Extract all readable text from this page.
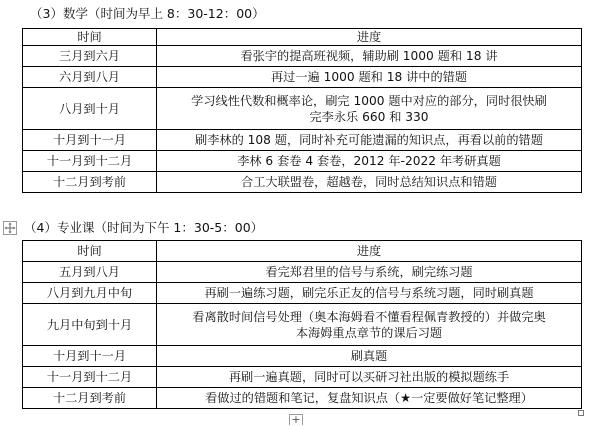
（3）数学（时间为早上 8：30-12：00）
时间	进度
三月到六月	看张宇的提高班视频，辅助刷 1000 题和 18 讲
六月到八月	再过一遍 1000 题和 18 讲中的错题
八月到十月	学习线性代数和概率论，刷完 1000 题中对应的部分，同时很快刷
完李永乐 660 和 330

十月到十一月	刷李林的 108 题，同时补充可能遗漏的知识点，再看以前的错题
十一月到十二月	李林 6 套卷 4 套卷，2012 年-2022 年考研真题
十二月到考前	合工大联盟卷，超越卷，同时总结知识点和错题
（4）专业课（时间为下午 1：30-5：00）
时间	进度
五月到八月	看完郑君里的信号与系统，刷完练习题
八月到九月中旬	再刷一遍练习题，刷完乐正友的信号与系统习题，同时刷真题
九月中旬到十月	看离散时间信号处理（奥本海姆看不懂看程佩青教授的）并做完奥
本海姆重点章节的课后习题

十月到十一月	刷真题
十一月到十二月	再刷一遍真题，同时可以买研习社出版的模拟题练手
十二月到考前	看做过的错题和笔记，复盘知识点（★一定要做好笔记整理）
+
